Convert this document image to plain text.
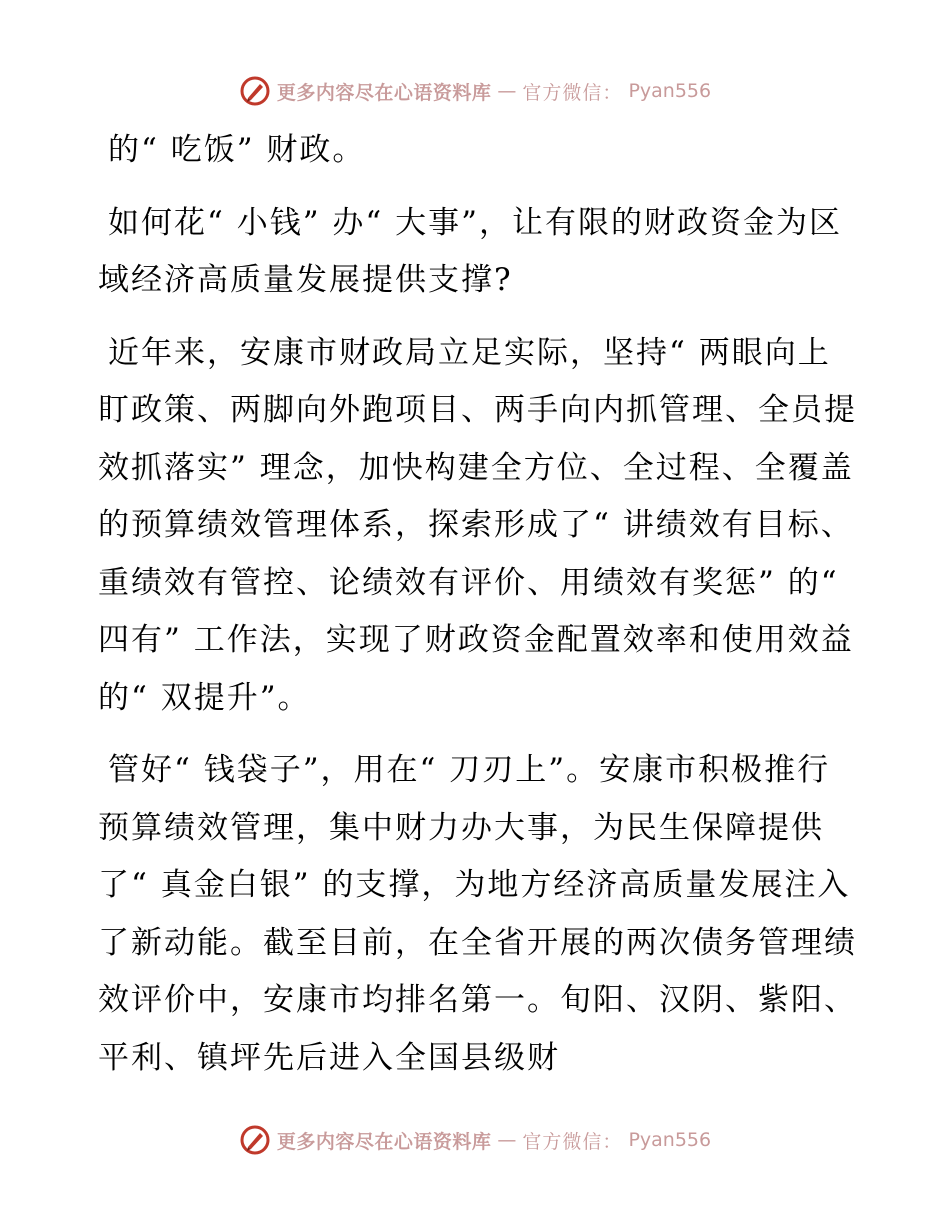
更多内容尽在心语资料库 — 官方微信： Pyan556

的“ 吃饭” 财政。

如何花“ 小钱” 办“ 大事”，让有限的财政资金为区域经济高质量发展提供支撑?

近年来，安康市财政局立足实际，坚持“ 两眼向上盯政策、两脚向外跑项目、两手向内抓管理、全员提效抓落实” 理念，加快构建全方位、全过程、全覆盖的预算绩效管理体系，探索形成了“ 讲绩效有目标、重绩效有管控、论绩效有评价、用绩效有奖惩” 的“ 四有” 工作法，实现了财政资金配置效率和使用效益的“ 双提升”。

管好“ 钱袋子”，用在“ 刀刃上”。安康市积极推行预算绩效管理，集中财力办大事，为民生保障提供了“ 真金白银” 的支撑，为地方经济高质量发展注入了新动能。截至目前，在全省开展的两次债务管理绩效评价中，安康市均排名第一。旬阳、汉阴、紫阳、平利、镇坪先后进入全国县级财

更多内容尽在心语资料库 — 官方微信： Pyan556
